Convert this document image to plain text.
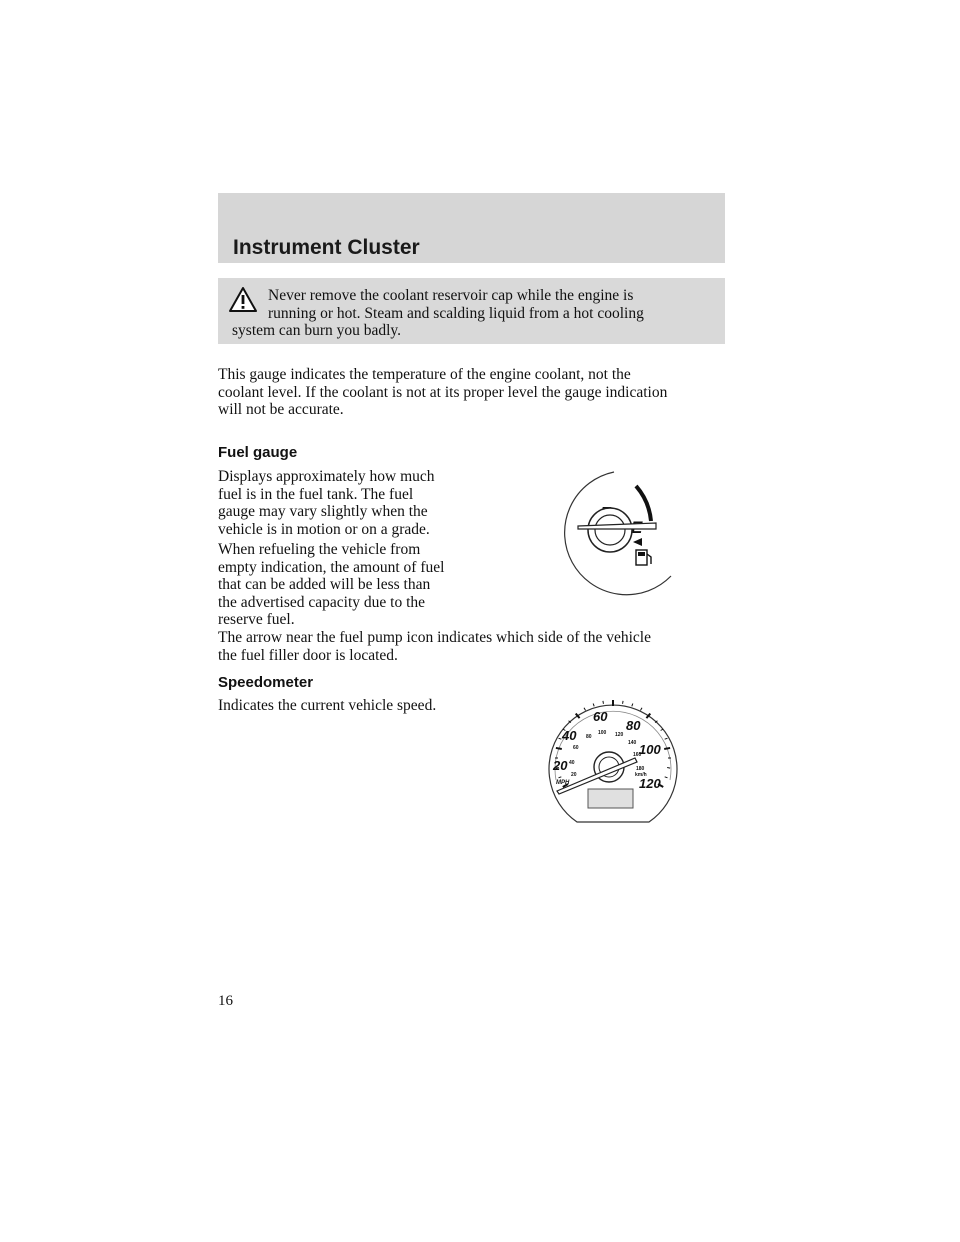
Instrument Cluster
Never remove the coolant reservoir cap while the engine is
running or hot. Steam and scalding liquid from a hot cooling
system can burn you badly.

This gauge indicates the temperature of the engine coolant, not the
coolant level. If the coolant is not at its proper level the gauge indication
will not be accurate.

Fuel gauge

Displays approximately how much
fuel is in the fuel tank. The fuel
gauge may vary slightly when the
vehicle is in motion or on a grade.

When refueling the vehicle from
empty indication, the amount of fuel
that can be added will be less than
the advertised capacity due to the
reserve fuel.

The arrow near the fuel pump icon indicates which side of the vehicle
the fuel filler door is located.

Speedometer

Indicates the current vehicle speed.

20
40
60
80
100
120
MPH
20
40
60
80
100 120
140
160
180
km/h

16
